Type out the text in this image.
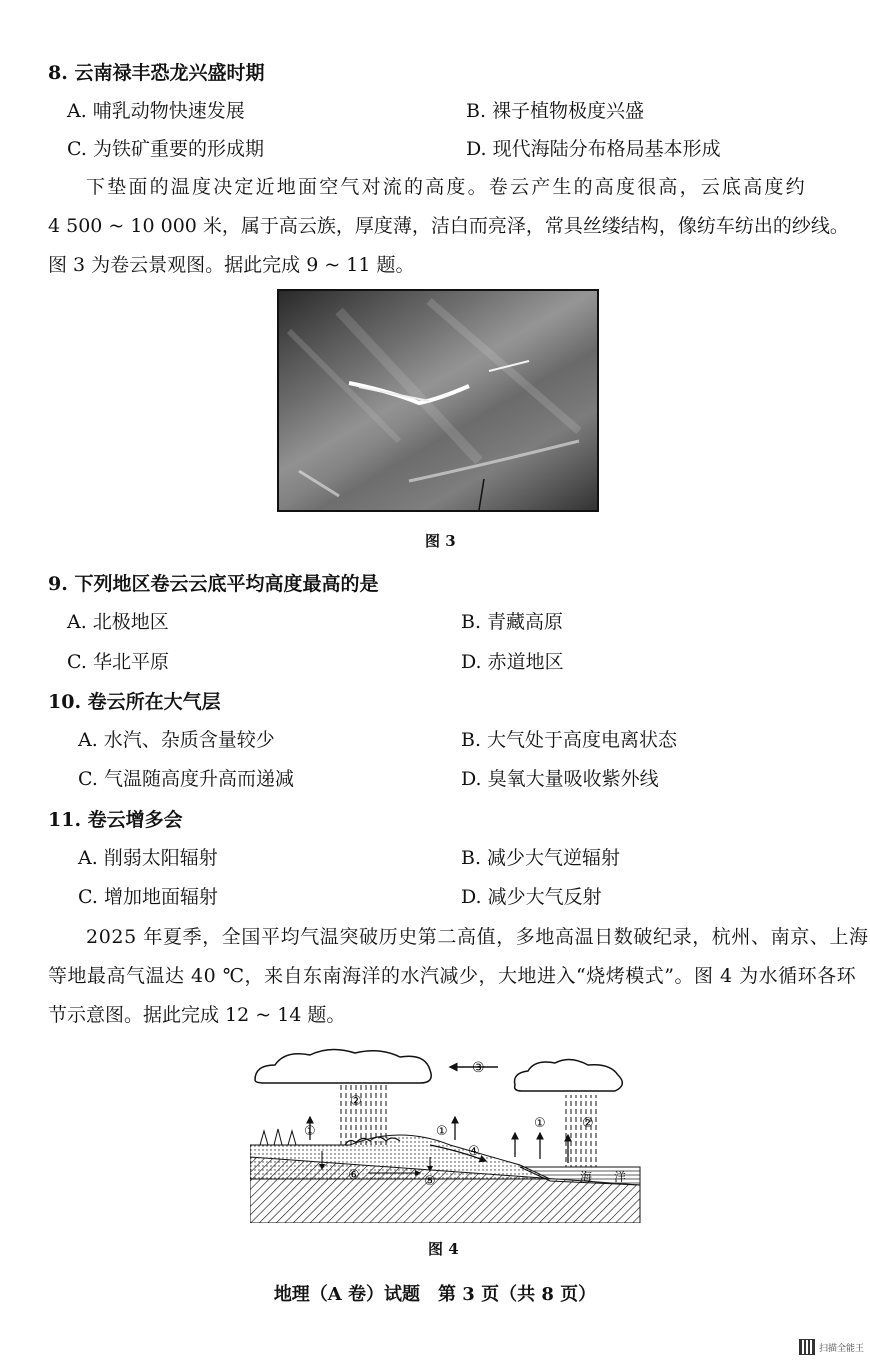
8. 云南禄丰恐龙兴盛时期
A. 哺乳动物快速发展	B. 裸子植物极度兴盛
C. 为铁矿重要的形成期	D. 现代海陆分布格局基本形成
下垫面的温度决定近地面空气对流的高度。卷云产生的高度很高，云底高度约
4 500 ~ 10 000 米，属于高云族，厚度薄，洁白而亮泽，常具丝缕结构，像纺车纺出的纱线。
图 3 为卷云景观图。据此完成 9 ~ 11 题。
图 3
9. 下列地区卷云云底平均高度最高的是
A. 北极地区	B. 青藏高原
C. 华北平原	D. 赤道地区
10. 卷云所在大气层
A. 水汽、杂质含量较少	B. 大气处于高度电离状态
C. 气温随高度升高而递减	D. 臭氧大量吸收紫外线
11. 卷云增多会
A. 削弱太阳辐射	B. 减少大气逆辐射
C. 增加地面辐射	D. 减少大气反射
2025 年夏季，全国平均气温突破历史第二高值，多地高温日数破纪录，杭州、南京、上海
等地最高气温达 40 ℃，来自东南海洋的水汽减少，大地进入“烧烤模式”。图 4 为水循环各环
节示意图。据此完成 12 ~ 14 题。
③
②
②
①	①
①
④
⑤
⑥	海 洋
图 4
地理（A 卷）试题　第 3 页（共 8 页）
扫描全能王
